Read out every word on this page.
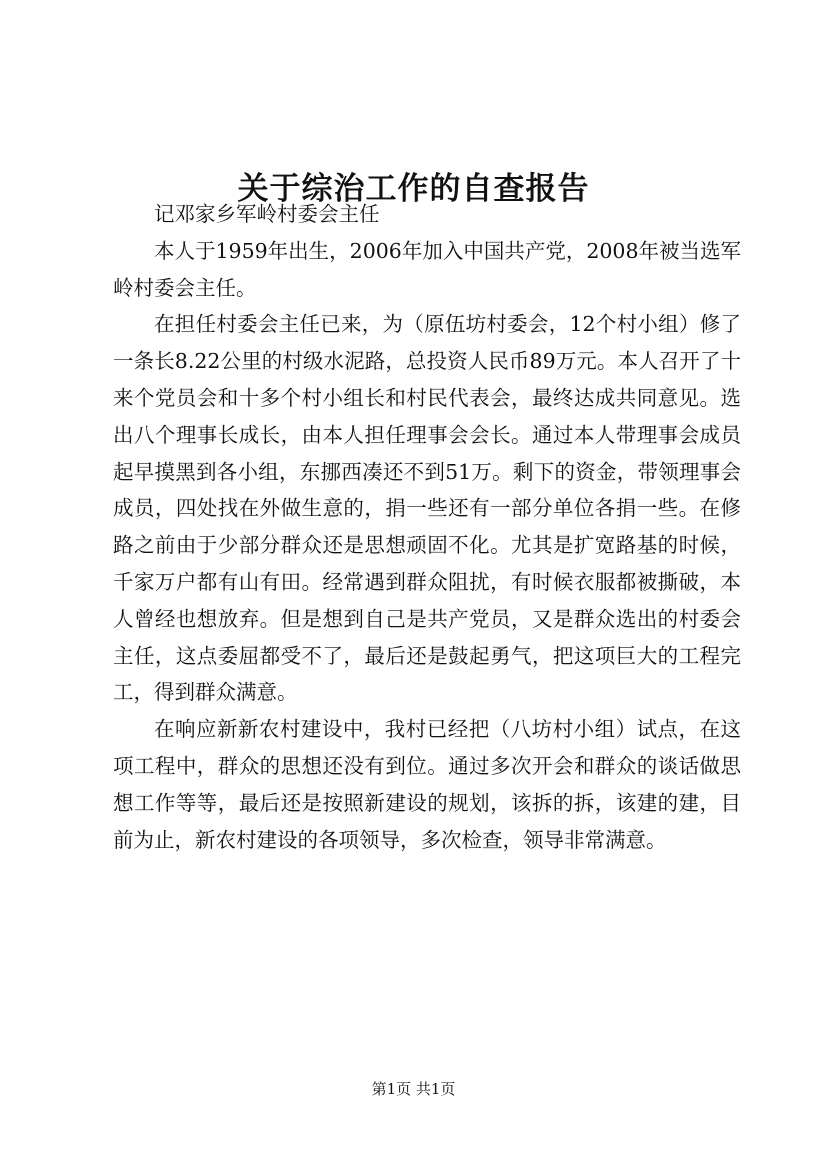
关于综治工作的自查报告

记邓家乡军岭村委会主任

本人于1959年出生，2006年加入中国共产党，2008年被当选军岭村委会主任。

在担任村委会主任已来，为（原伍坊村委会，12个村小组）修了一条长8.22公里的村级水泥路，总投资人民币89万元。本人召开了十来个党员会和十多个村小组长和村民代表会，最终达成共同意见。选出八个理事长成长，由本人担任理事会会长。通过本人带理事会成员起早摸黑到各小组，东挪西凑还不到51万。剩下的资金，带领理事会成员，四处找在外做生意的，捐一些还有一部分单位各捐一些。在修路之前由于少部分群众还是思想顽固不化。尤其是扩宽路基的时候，千家万户都有山有田。经常遇到群众阻扰，有时候衣服都被撕破，本人曾经也想放弃。但是想到自己是共产党员，又是群众选出的村委会主任，这点委屈都受不了，最后还是鼓起勇气，把这项巨大的工程完工，得到群众满意。

在响应新新农村建设中，我村已经把（八坊村小组）试点，在这项工程中，群众的思想还没有到位。通过多次开会和群众的谈话做思想工作等等，最后还是按照新建设的规划，该拆的拆，该建的建，目前为止，新农村建设的各项领导，多次检查，领导非常满意。

第1页 共1页
